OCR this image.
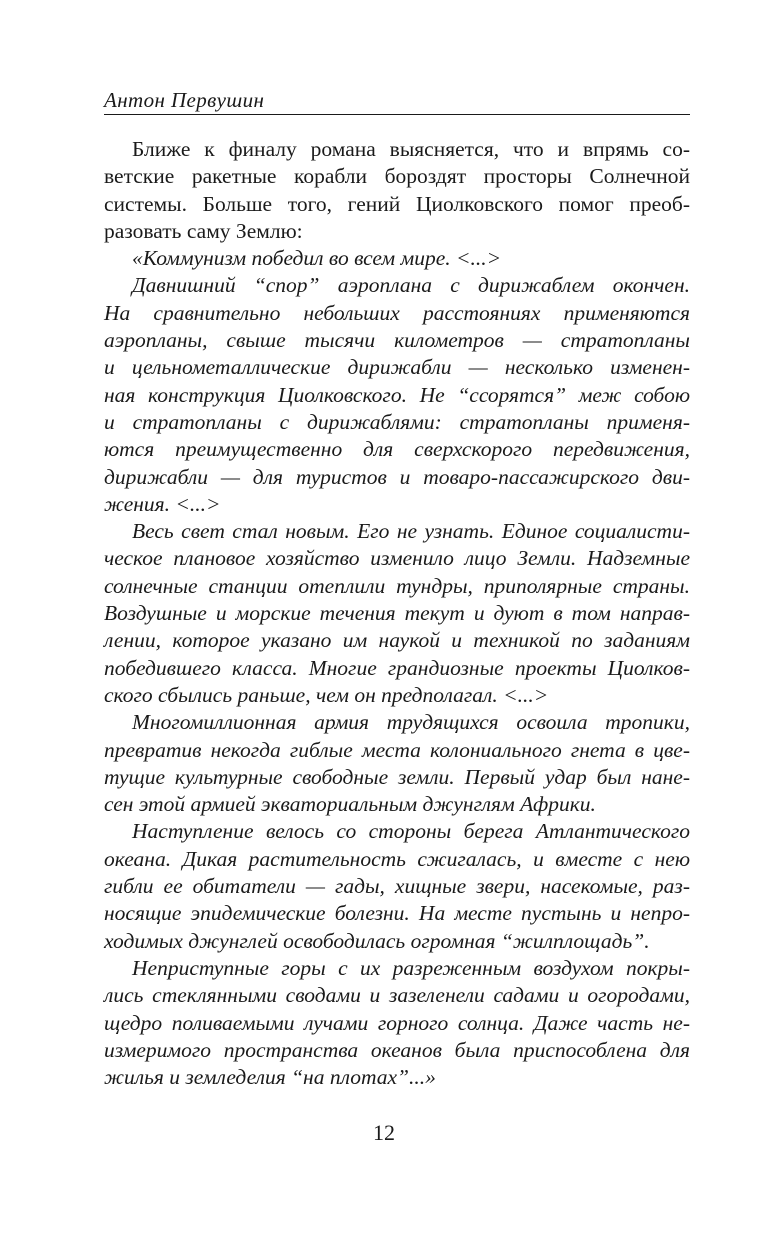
Антон Первушин
Ближе к финалу романа выясняется, что и впрямь со-
ветские ракетные корабли бороздят просторы Солнечной
системы. Больше того, гений Циолковского помог преоб-
разовать саму Землю:
«Коммунизм победил во всем мире. <...>
Давнишний “спор” аэроплана с дирижаблем окончен.
На сравнительно небольших расстояниях применяются
аэропланы, свыше тысячи километров — стратопланы
и цельнометаллические дирижабли — несколько изменен-
ная конструкция Циолковского. Не “ссорятся” меж собою
и стратопланы с дирижаблями: стратопланы применя-
ются преимущественно для сверхскорого передвижения,
дирижабли — для туристов и товаро-пассажирского дви-
жения. <...>
Весь свет стал новым. Его не узнать. Единое социалисти-
ческое плановое хозяйство изменило лицо Земли. Надземные
солнечные станции отеплили тундры, приполярные страны.
Воздушные и морские течения текут и дуют в том направ-
лении, которое указано им наукой и техникой по заданиям
победившего класса. Многие грандиозные проекты Циолков-
ского сбылись раньше, чем он предполагал. <...>
Многомиллионная армия трудящихся освоила тропики,
превратив некогда гиблые места колониального гнета в цве-
тущие культурные свободные земли. Первый удар был нане-
сен этой армией экваториальным джунглям Африки.
Наступление велось со стороны берега Атлантического
океана. Дикая растительность сжигалась, и вместе с нею
гибли ее обитатели — гады, хищные звери, насекомые, раз-
носящие эпидемические болезни. На месте пустынь и непро-
ходимых джунглей освободилась огромная “жилплощадь”.
Неприступные горы с их разреженным воздухом покры-
лись стеклянными сводами и зазеленели садами и огородами,
щедро поливаемыми лучами горного солнца. Даже часть не-
измеримого пространства океанов была приспособлена для
жилья и земледелия “на плотах”...»
12
